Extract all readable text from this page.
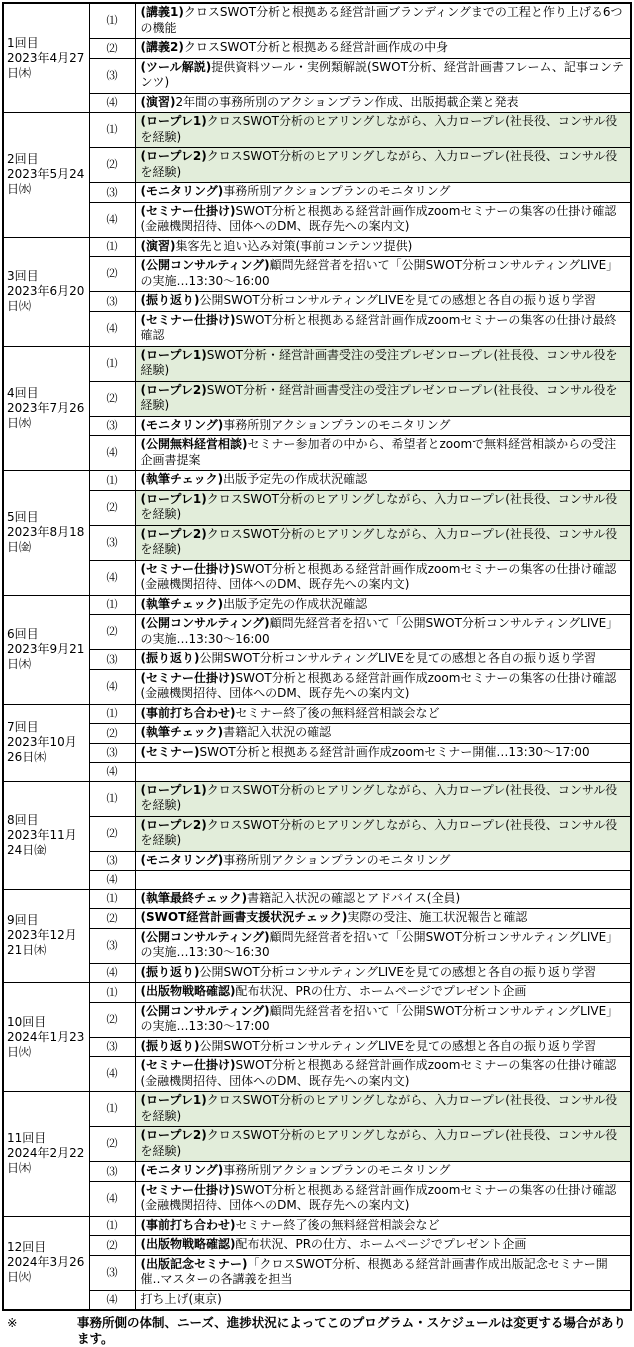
1回目
2023年4月27日㈭	⑴	(講義1)クロスSWOT分析と根拠ある経営計画ブランディングまでの工程と作り上げる6つの機能
	⑵	(講義2)クロスSWOT分析と根拠ある経営計画作成の中身
	⑶	(ツール解説)提供資料ツール・実例類解説(SWOT分析、経営計画書フレーム、記事コンテンツ)
	⑷	(演習)2年間の事務所別のアクションプラン作成、出版掲載企業と発表

2回目
2023年5月24日㈬	⑴	(ロープレ1)クロスSWOT分析のヒアリングしながら、入力ロープレ(社長役、コンサル役を経験)
	⑵	(ロープレ2)クロスSWOT分析のヒアリングしながら、入力ロープレ(社長役、コンサル役を経験)
	⑶	(モニタリング)事務所別アクションプランのモニタリング
	⑷	(セミナー仕掛け)SWOT分析と根拠ある経営計画作成zoomセミナーの集客の仕掛け確認(金融機関招待、団体へのDM、既存先への案内文)

3回目
2023年6月20日㈫	⑴	(演習)集客先と追い込み対策(事前コンテンツ提供)
	⑵	(公開コンサルティング)顧問先経営者を招いて「公開SWOT分析コンサルティングLIVE」の実施…13:30～16:00
	⑶	(振り返り)公開SWOT分析コンサルティングLIVEを見ての感想と各自の振り返り学習
	⑷	(セミナー仕掛け)SWOT分析と根拠ある経営計画作成zoomセミナーの集客の仕掛け最終確認

4回目
2023年7月26日㈬	⑴	(ロープレ1)SWOT分析・経営計画書受注の受注プレゼンロープレ(社長役、コンサル役を経験)
	⑵	(ロープレ2)SWOT分析・経営計画書受注の受注プレゼンロープレ(社長役、コンサル役を経験)
	⑶	(モニタリング)事務所別アクションプランのモニタリング
	⑷	(公開無料経営相談)セミナー参加者の中から、希望者とzoomで無料経営相談からの受注企画書提案

5回目
2023年8月18日㈮	⑴	(執筆チェック)出版予定先の作成状況確認
	⑵	(ロープレ1)クロスSWOT分析のヒアリングしながら、入力ロープレ(社長役、コンサル役を経験)
	⑶	(ロープレ2)クロスSWOT分析のヒアリングしながら、入力ロープレ(社長役、コンサル役を経験)
	⑷	(セミナー仕掛け)SWOT分析と根拠ある経営計画作成zoomセミナーの集客の仕掛け確認(金融機関招待、団体へのDM、既存先への案内文)

6回目
2023年9月21日㈭	⑴	(執筆チェック)出版予定先の作成状況確認
	⑵	(公開コンサルティング)顧問先経営者を招いて「公開SWOT分析コンサルティングLIVE」の実施…13:30～16:00
	⑶	(振り返り)公開SWOT分析コンサルティングLIVEを見ての感想と各自の振り返り学習
	⑷	(セミナー仕掛け)SWOT分析と根拠ある経営計画作成zoomセミナーの集客の仕掛け確認(金融機関招待、団体へのDM、既存先への案内文)

7回目
2023年10月26日㈭	⑴	(事前打ち合わせ)セミナー終了後の無料経営相談会など
	⑵	(執筆チェック)書籍記入状況の確認
	⑶	(セミナー)SWOT分析と根拠ある経営計画作成zoomセミナー開催…13:30～17:00
	⑷	

8回目
2023年11月24日㈮	⑴	(ロープレ1)クロスSWOT分析のヒアリングしながら、入力ロープレ(社長役、コンサル役を経験)
	⑵	(ロープレ2)クロスSWOT分析のヒアリングしながら、入力ロープレ(社長役、コンサル役を経験)
	⑶	(モニタリング)事務所別アクションプランのモニタリング
	⑷	

9回目
2023年12月21日㈭	⑴	(執筆最終チェック)書籍記入状況の確認とアドバイス(全員)
	⑵	(SWOT経営計画書支援状況チェック)実際の受注、施工状況報告と確認
	⑶	(公開コンサルティング)顧問先経営者を招いて「公開SWOT分析コンサルティングLIVE」の実施…13:30～16:30
	⑷	(振り返り)公開SWOT分析コンサルティングLIVEを見ての感想と各自の振り返り学習

10回目
2024年1月23日㈫	⑴	(出版物戦略確認)配布状況、PRの仕方、ホームページでプレゼント企画
	⑵	(公開コンサルティング)顧問先経営者を招いて「公開SWOT分析コンサルティングLIVE」の実施…13:30～17:00
	⑶	(振り返り)公開SWOT分析コンサルティングLIVEを見ての感想と各自の振り返り学習
	⑷	(セミナー仕掛け)SWOT分析と根拠ある経営計画作成zoomセミナーの集客の仕掛け確認(金融機関招待、団体へのDM、既存先への案内文)

11回目
2024年2月22日㈭	⑴	(ロープレ1)クロスSWOT分析のヒアリングしながら、入力ロープレ(社長役、コンサル役を経験)
	⑵	(ロープレ2)クロスSWOT分析のヒアリングしながら、入力ロープレ(社長役、コンサル役を経験)
	⑶	(モニタリング)事務所別アクションプランのモニタリング
	⑷	(セミナー仕掛け)SWOT分析と根拠ある経営計画作成zoomセミナーの集客の仕掛け確認(金融機関招待、団体へのDM、既存先への案内文)

12回目
2024年3月26日㈫	⑴	(事前打ち合わせ)セミナー終了後の無料経営相談会など
	⑵	(出版物戦略確認)配布状況、PRの仕方、ホームページでプレゼント企画
	⑶	(出版記念セミナー)「クロスSWOT分析、根拠ある経営計画書作成出版記念セミナー開催‥マスターの各講義を担当
	⑷	打ち上げ(東京)
※	事務所側の体制、ニーズ、進捗状況によってこのプログラム・スケジュールは変更する場合があります。
